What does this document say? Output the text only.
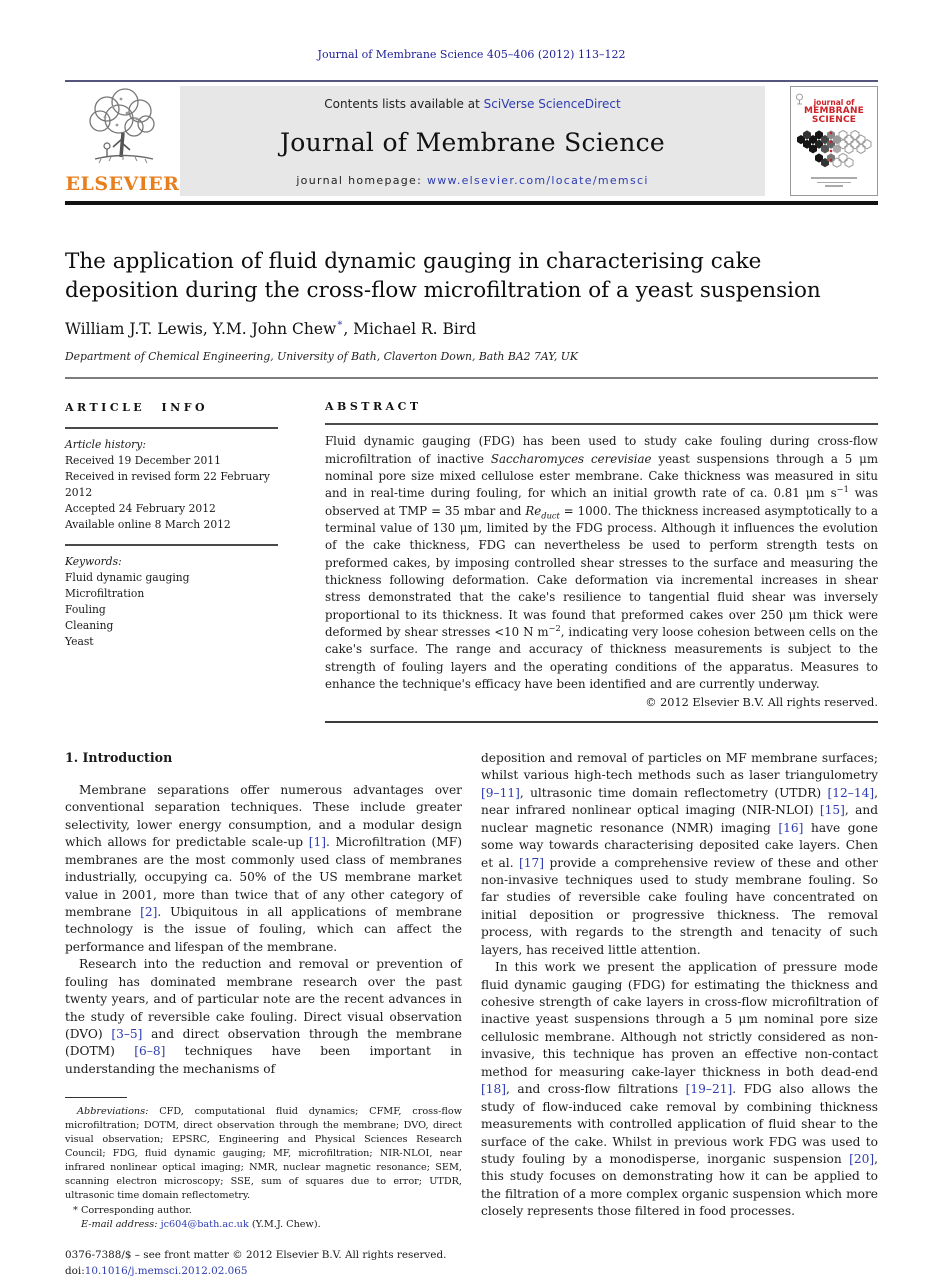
Journal of Membrane Science 405–406 (2012) 113–122
ELSEVIER
Contents lists available at SciVerse ScienceDirect
Journal of Membrane Science
journal homepage: www.elsevier.com/locate/memsci
journal of
MEMBRANE
SCIENCE
The application of fluid dynamic gauging in characterising cake deposition during the cross-flow microfiltration of a yeast suspension
William J.T. Lewis, Y.M. John Chew*, Michael R. Bird
Department of Chemical Engineering, University of Bath, Claverton Down, Bath BA2 7AY, UK
ARTICLE INFO
Article history:
Received 19 December 2011
Received in revised form 22 February 2012
Accepted 24 February 2012
Available online 8 March 2012
Keywords:
Fluid dynamic gauging
Microfiltration
Fouling
Cleaning
Yeast
ABSTRACT

Fluid dynamic gauging (FDG) has been used to study cake fouling during cross-flow microfiltration of inactive Saccharomyces cerevisiae yeast suspensions through a 5 μm nominal pore size mixed cellulose ester membrane. Cake thickness was measured in situ and in real-time during fouling, for which an initial growth rate of ca. 0.81 μm $s^{-1}$ was observed at TMP = 35 mbar and $Re_{duct} = 1000$. The thickness increased asymptotically to a terminal value of 130 μm, limited by the FDG process. Although it influences the evolution of the cake thickness, FDG can nevertheless be used to perform strength tests on preformed cakes, by imposing controlled shear stresses to the surface and measuring the thickness following deformation. Cake deformation via incremental increases in shear stress demonstrated that the cake's resilience to tangential fluid shear was inversely proportional to its thickness. It was found that preformed cakes over 250 μm thick were deformed by shear stresses <10 N $m^{-2}$, indicating very loose cohesion between cells on the cake's surface. The range and accuracy of thickness measurements is subject to the strength of fouling layers and the operating conditions of the apparatus. Measures to enhance the technique's efficacy have been identified and are currently underway.

© 2012 Elsevier B.V. All rights reserved.
1. Introduction

Membrane separations offer numerous advantages over conventional separation techniques. These include greater selectivity, lower energy consumption, and a modular design which allows for predictable scale-up [1]. Microfiltration (MF) membranes are the most commonly used class of membranes industrially, occupying ca. 50% of the US membrane market value in 2001, more than twice that of any other category of membrane [2]. Ubiquitous in all applications of membrane technology is the issue of fouling, which can affect the performance and lifespan of the membrane.

Research into the reduction and removal or prevention of fouling has dominated membrane research over the past twenty years, and of particular note are the recent advances in the study of reversible cake fouling. Direct visual observation (DVO) [3–5] and direct observation through the membrane (DOTM) [6–8] techniques have been important in understanding the mechanisms of

Abbreviations: CFD, computational fluid dynamics; CFMF, cross-flow microfiltration; DOTM, direct observation through the membrane; DVO, direct visual observation; EPSRC, Engineering and Physical Sciences Research Council; FDG, fluid dynamic gauging; MF, microfiltration; NIR-NLOI, near infrared nonlinear optical imaging; NMR, nuclear magnetic resonance; SEM, scanning electron microscopy; SSE, sum of squares due to error; UTDR, ultrasonic time domain reflectometry.

* Corresponding author.

E-mail address: jc604@bath.ac.uk (Y.M.J. Chew).

0376-7388/$ – see front matter © 2012 Elsevier B.V. All rights reserved.
doi:10.1016/j.memsci.2012.02.065

deposition and removal of particles on MF membrane surfaces; whilst various high-tech methods such as laser triangulometry [9–11], ultrasonic time domain reflectometry (UTDR) [12–14], near infrared nonlinear optical imaging (NIR-NLOI) [15], and nuclear magnetic resonance (NMR) imaging [16] have gone some way towards characterising deposited cake layers. Chen et al. [17] provide a comprehensive review of these and other non-invasive techniques used to study membrane fouling. So far studies of reversible cake fouling have concentrated on initial deposition or progressive thickness. The removal process, with regards to the strength and tenacity of such layers, has received little attention.

In this work we present the application of pressure mode fluid dynamic gauging (FDG) for estimating the thickness and cohesive strength of cake layers in cross-flow microfiltration of inactive yeast suspensions through a 5 μm nominal pore size cellulosic membrane. Although not strictly considered as non-invasive, this technique has proven an effective non-contact method for measuring cake-layer thickness in both dead-end [18], and cross-flow filtrations [19–21]. FDG also allows the study of flow-induced cake removal by combining thickness measurements with controlled application of fluid shear to the surface of the cake. Whilst in previous work FDG was used to study fouling by a monodisperse, inorganic suspension [20], this study focuses on demonstrating how it can be applied to the filtration of a more complex organic suspension which more closely represents those filtered in food processes.
